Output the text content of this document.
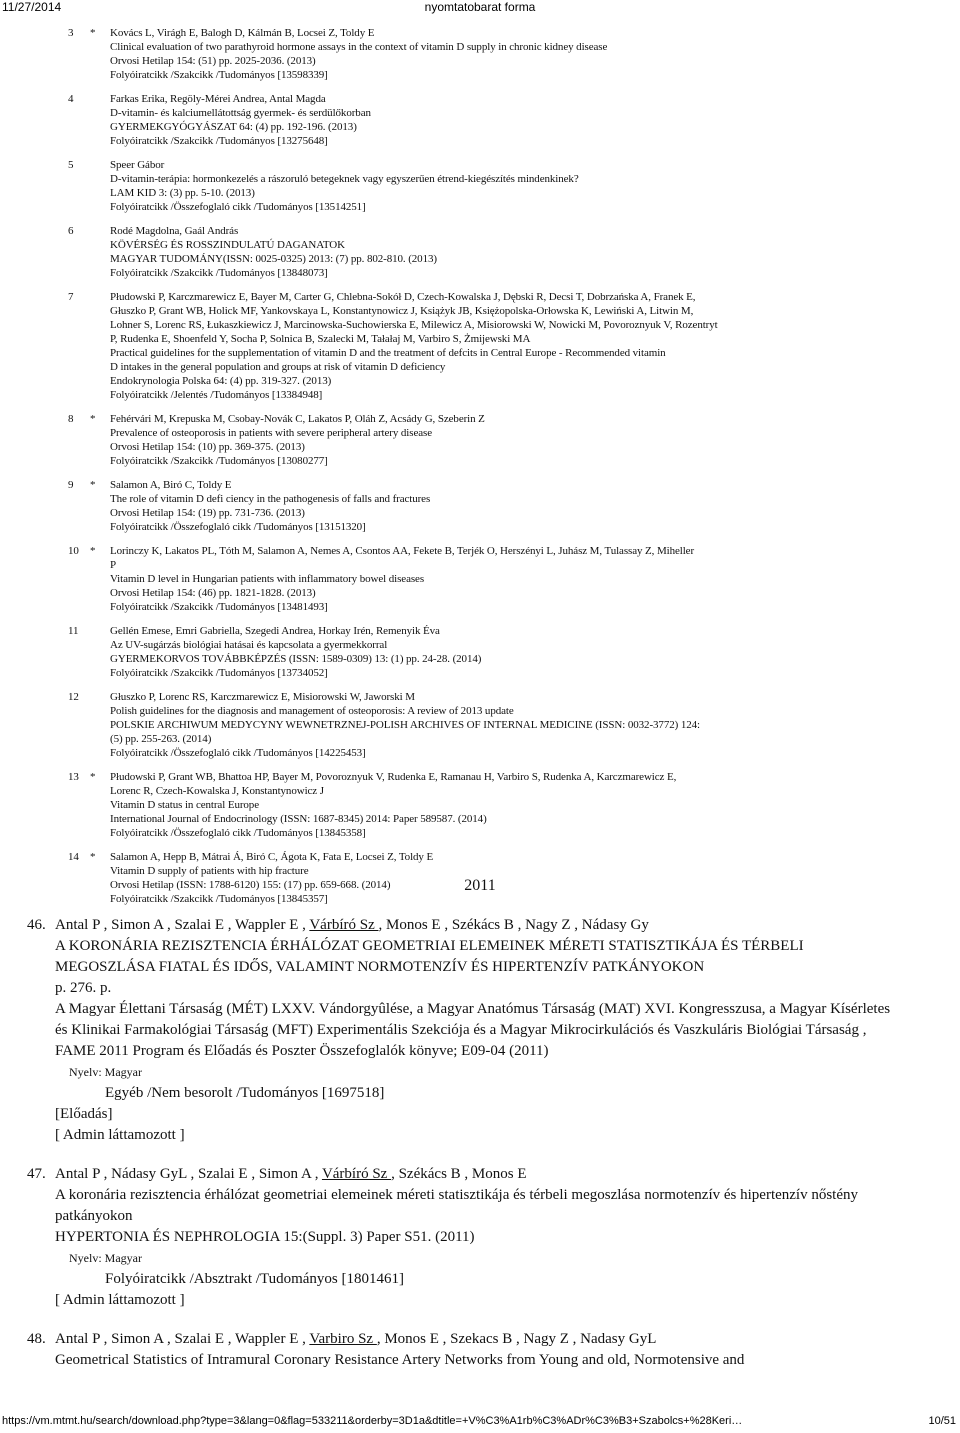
11/27/2014	nyomtatobarat forma
3	* Kovács L, Virágh E, Balogh D, Kálmán B, Locsei Z, Toldy E
Clinical evaluation of two parathyroid hormone assays in the context of vitamin D supply in chronic kidney disease
Orvosi Hetilap 154: (51) pp. 2025-2036. (2013)
Folyóiratcikk /Szakcikk /Tudományos [13598339]
4	Farkas Erika, Regöly-Mérei Andrea, Antal Magda
D-vitamin- és kalciumellátottság gyermek- és serdülőkorban
GYERMEKGYÓGYÁSZAT 64: (4) pp. 192-196. (2013)
Folyóiratcikk /Szakcikk /Tudományos [13275648]
5	Speer Gábor
D-vitamin-terápia: hormonkezelés a rászoruló betegeknek vagy egyszerűen étrend-kiegészítés mindenkinek?
LAM KID 3: (3) pp. 5-10. (2013)
Folyóiratcikk /Összefoglaló cikk /Tudományos [13514251]
6	Rodé Magdolna, Gaál András
KÖVÉRSÉG ÉS ROSSZINDULATÚ DAGANATOK
MAGYAR TUDOMÁNY(ISSN: 0025-0325) 2013: (7) pp. 802-810. (2013)
Folyóiratcikk /Szakcikk /Tudományos [13848073]
7	Płudowski P, Karczmarewicz E, Bayer M, Carter G, Chlebna-Sokół D, Czech-Kowalska J, Dębski R, Decsi T, Dobrzańska A, Franek E,
Głuszko P, Grant WB, Holick MF, Yankovskaya L, Konstantynowicz J, Książyk JB, Księżopolska-Orłowska K, Lewiński A, Litwin M,
Lohner S, Lorenc RS, Łukaszkiewicz J, Marcinowska-Suchowierska E, Milewicz A, Misiorowski W, Nowicki M, Povoroznyuk V, Rozentryt
P, Rudenka E, Shoenfeld Y, Socha P, Solnica B, Szalecki M, Tałałaj M, Varbiro S, Żmijewski MA
Practical guidelines for the supplementation of vitamin D and the treatment of defcits in Central Europe - Recommended vitamin
D intakes in the general population and groups at risk of vitamin D deficiency
Endokrynologia Polska 64: (4) pp. 319-327. (2013)
Folyóiratcikk /Jelentés /Tudományos [13384948]
8	* Fehérvári M, Krepuska M, Csobay-Novák C, Lakatos P, Oláh Z, Acsády G, Szeberin Z
Prevalence of osteoporosis in patients with severe peripheral artery disease
Orvosi Hetilap 154: (10) pp. 369-375. (2013)
Folyóiratcikk /Szakcikk /Tudományos [13080277]
9	* Salamon A, Biró C, Toldy E
The role of vitamin D defi ciency in the pathogenesis of falls and fractures
Orvosi Hetilap 154: (19) pp. 731-736. (2013)
Folyóiratcikk /Összefoglaló cikk /Tudományos [13151320]
10	* Lorinczy K, Lakatos PL, Tóth M, Salamon A, Nemes A, Csontos AA, Fekete B, Terjék O, Herszényi L, Juhász M, Tulassay Z, Miheller
P
Vitamin D level in Hungarian patients with inflammatory bowel diseases
Orvosi Hetilap 154: (46) pp. 1821-1828. (2013)
Folyóiratcikk /Szakcikk /Tudományos [13481493]
11	Gellén Emese, Emri Gabriella, Szegedi Andrea, Horkay Irén, Remenyik Éva
Az UV-sugárzás biológiai hatásai és kapcsolata a gyermekkorral
GYERMEKORVOS TOVÁBBKÉPZÉS (ISSN: 1589-0309) 13: (1) pp. 24-28. (2014)
Folyóiratcikk /Szakcikk /Tudományos [13734052]
12	Głuszko P, Lorenc RS, Karczmarewicz E, Misiorowski W, Jaworski M
Polish guidelines for the diagnosis and management of osteoporosis: A review of 2013 update
POLSKIE ARCHIWUM MEDYCYNY WEWNETRZNEJ-POLISH ARCHIVES OF INTERNAL MEDICINE (ISSN: 0032-3772) 124:
(5) pp. 255-263. (2014)
Folyóiratcikk /Összefoglaló cikk /Tudományos [14225453]
13	* Płudowski P, Grant WB, Bhattoa HP, Bayer M, Povoroznyuk V, Rudenka E, Ramanau H, Varbiro S, Rudenka A, Karczmarewicz E,
Lorenc R, Czech-Kowalska J, Konstantynowicz J
Vitamin D status in central Europe
International Journal of Endocrinology (ISSN: 1687-8345) 2014: Paper 589587. (2014)
Folyóiratcikk /Összefoglaló cikk /Tudományos [13845358]
14	* Salamon A, Hepp B, Mátrai Á, Biró C, Ágota K, Fata E, Locsei Z, Toldy E
Vitamin D supply of patients with hip fracture
Orvosi Hetilap (ISSN: 1788-6120) 155: (17) pp. 659-668. (2014)
Folyóiratcikk /Szakcikk /Tudományos [13845357]
2011
46. Antal P , Simon A , Szalai E , Wappler E , Várbíró Sz , Monos E , Székács B , Nagy Z , Nádasy Gy
A KORONÁRIA REZISZTENCIA ÉRHÁLÓZAT GEOMETRIAI ELEMEINEK MÉRETI STATISZTIKÁJA ÉS TÉRBELI MEGOSZLÁSA FIATAL ÉS IDŐS, VALAMINT NORMOTENZÍV ÉS HIPERTENZÍV PATKÁNYOKON
p. 276. p.
A Magyar Élettani Társaság (MÉT) LXXV. Vándorgyûlése, a Magyar Anatómus Társaság (MAT) XVI. Kongresszusa, a Magyar Kísérletes és Klinikai Farmakológiai Társaság (MFT) Experimentális Szekciója és a Magyar Mikrocirkulációs és Vaszkuláris Biológiai Társaság , FAME 2011 Program és Előadás és Poszter Összefoglalók könyve; E09-04 (2011)
Nyelv: Magyar
Egyéb /Nem besorolt /Tudományos [1697518]
[Előadás]
[ Admin láttamozott ]
47. Antal P , Nádasy GyL , Szalai E , Simon A , Várbíró Sz , Székács B , Monos E
A koronária rezisztencia érhálózat geometriai elemeinek méreti statisztikája és térbeli megoszlása normotenzív és hipertenzív nőstény patkányokon
HYPERTONIA ÉS NEPHROLOGIA 15:(Suppl. 3) Paper S51. (2011)
Nyelv: Magyar
Folyóiratcikk /Absztrakt /Tudományos [1801461]
[ Admin láttamozott ]
48. Antal P , Simon A , Szalai E , Wappler E , Varbiro Sz , Monos E , Szekacs B , Nagy Z , Nadasy GyL
Geometrical Statistics of Intramural Coronary Resistance Artery Networks from Young and old, Normotensive and
https://vm.mtmt.hu/search/download.php?type=3&lang=0&flag=533211&orderby=3D1a&dtitle=+V%C3%A1rb%C3%ADr%C3%B3+Szabolcs+%28Keri…	10/51
